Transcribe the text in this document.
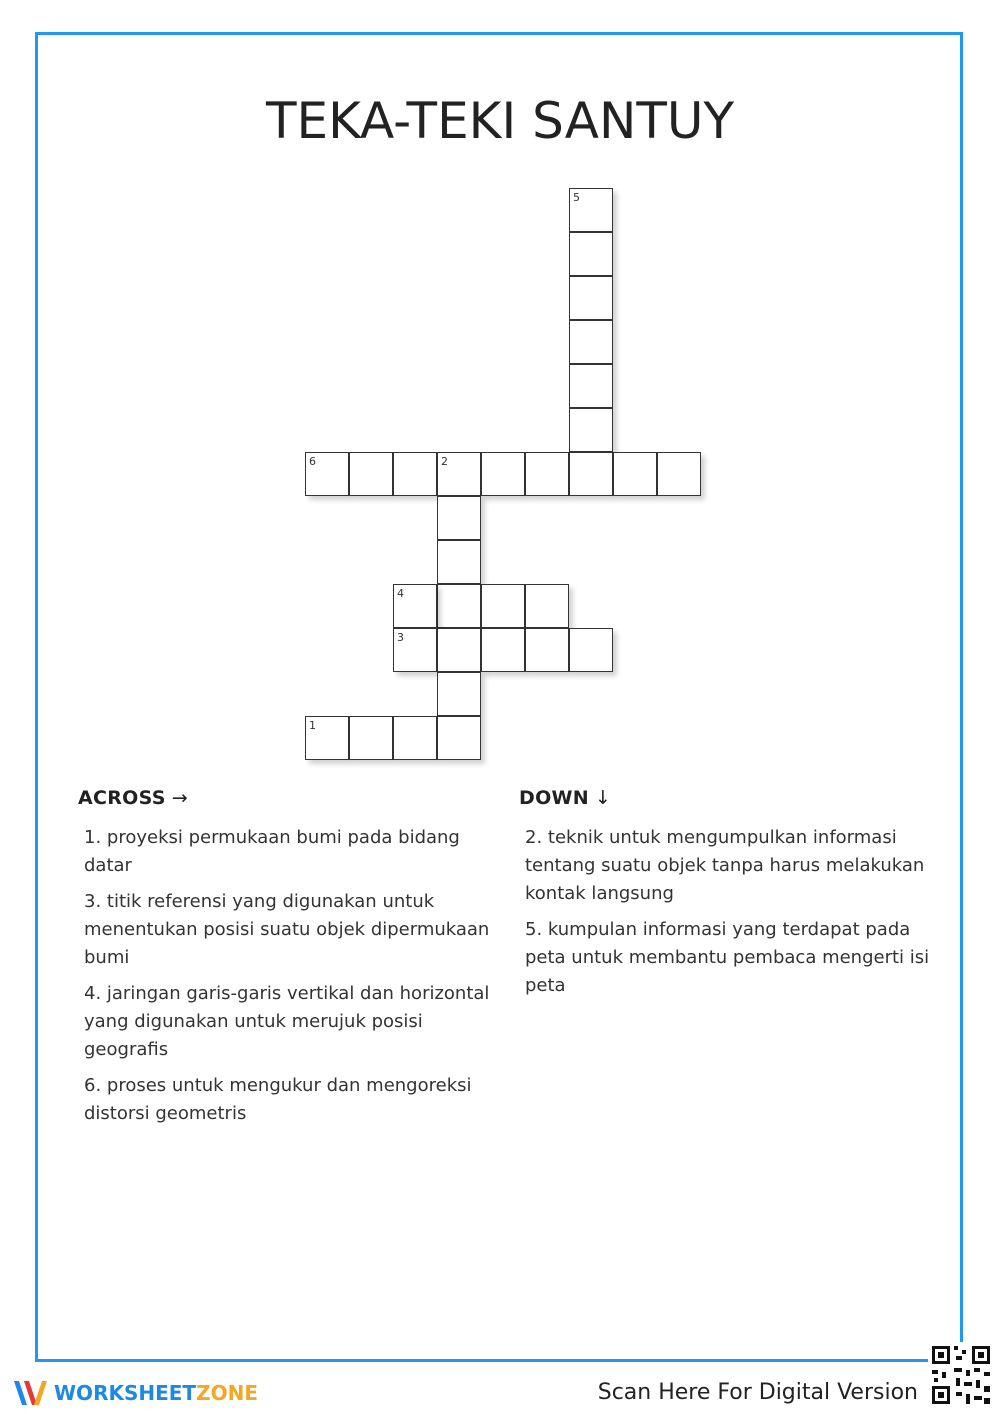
TEKA-TEKI SANTUY
5
6	2
4
3
1
ACROSS →
1. proyeksi permukaan bumi pada bidang datar
3. titik referensi yang digunakan untuk menentukan posisi suatu objek dipermukaan bumi
4. jaringan garis-garis vertikal dan horizontal yang digunakan untuk merujuk posisi geografis
6. proses untuk mengukur dan mengoreksi distorsi geometris
DOWN ↓
2. teknik untuk mengumpulkan informasi tentang suatu objek tanpa harus melakukan kontak langsung
5. kumpulan informasi yang terdapat pada peta untuk membantu pembaca mengerti isi peta
WORKSHEETZONE	Scan Here For Digital Version
